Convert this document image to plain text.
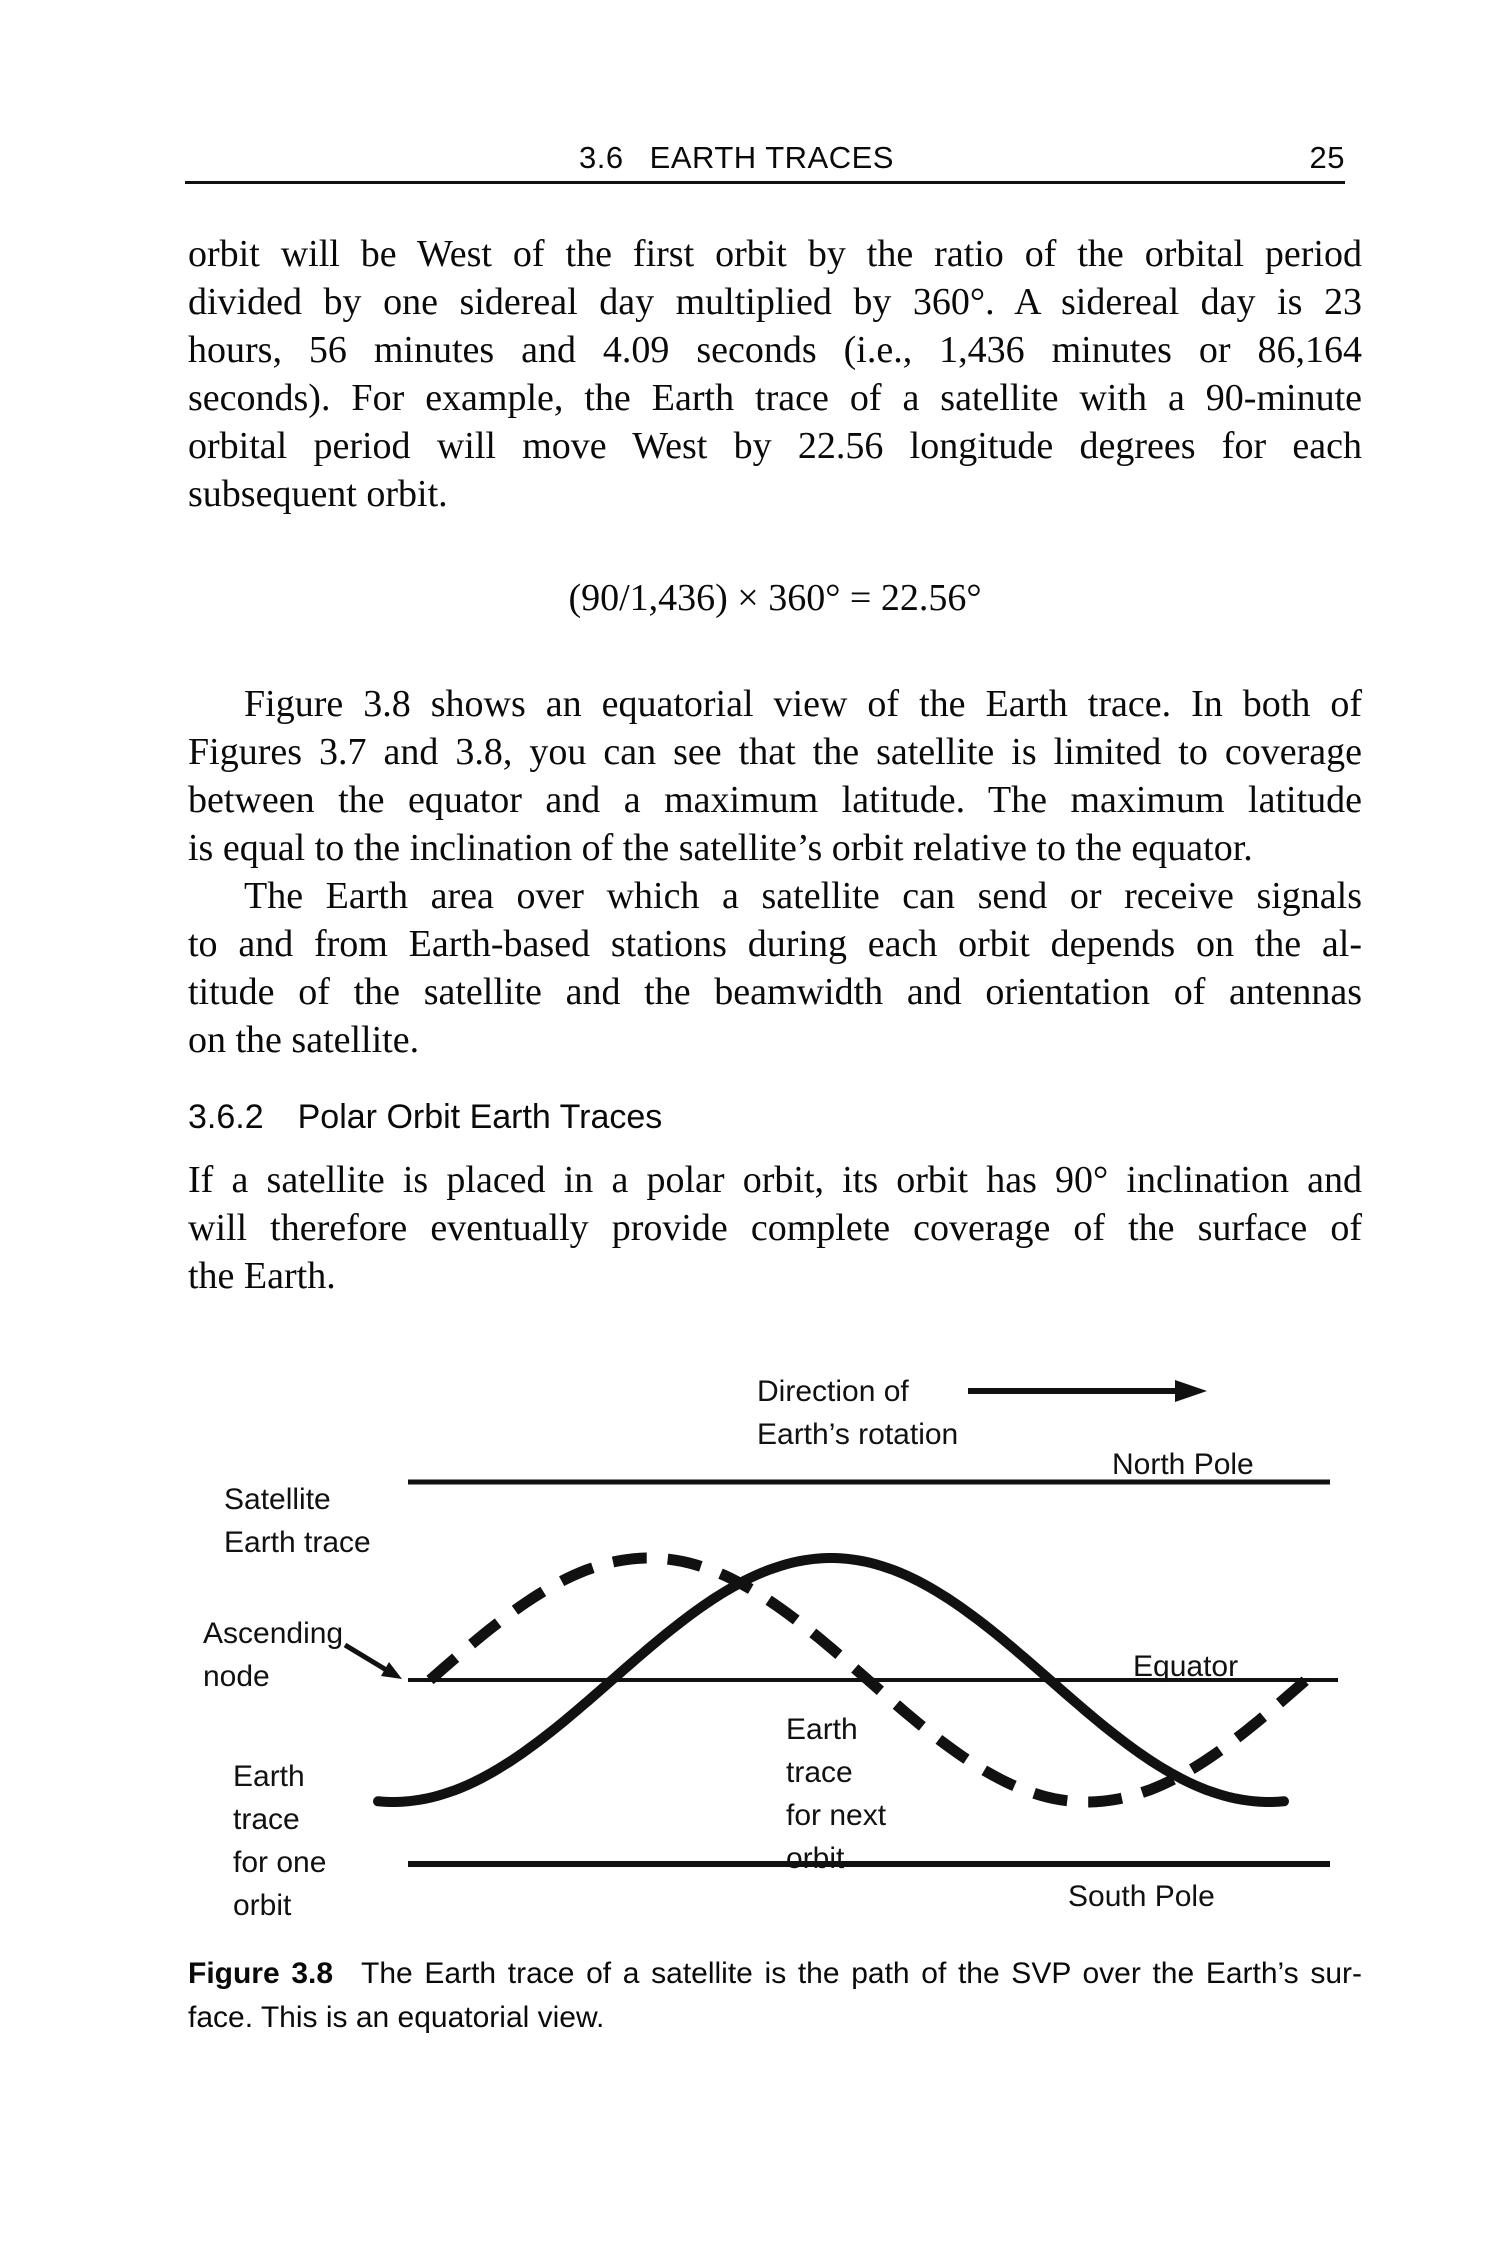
3.6 EARTH TRACES	25

orbit will be West of the first orbit by the ratio of the orbital period
divided by one sidereal day multiplied by 360°. A sidereal day is 23
hours, 56 minutes and 4.09 seconds (i.e., 1,436 minutes or 86,164
seconds). For example, the Earth trace of a satellite with a 90-minute
orbital period will move West by 22.56 longitude degrees for each
subsequent orbit.

(90/1,436) × 360° = 22.56°

Figure 3.8 shows an equatorial view of the Earth trace. In both of
Figures 3.7 and 3.8, you can see that the satellite is limited to coverage
between the equator and a maximum latitude. The maximum latitude
is equal to the inclination of the satellite’s orbit relative to the equator.

The Earth area over which a satellite can send or receive signals
to and from Earth-based stations during each orbit depends on the al-
titude of the satellite and the beamwidth and orientation of antennas
on the satellite.

3.6.2 Polar Orbit Earth Traces

If a satellite is placed in a polar orbit, its orbit has 90° inclination and
will therefore eventually provide complete coverage of the surface of
the Earth.

Direction of
Earth’s rotation
North Pole
Satellite
Earth trace
Ascending
node	Equator
Earth
trace
for next
orbit
Earth
trace
for one
orbit	South Pole
Figure 3.8 The Earth trace of a satellite is the path of the SVP over the Earth’s sur-
face. This is an equatorial view.
